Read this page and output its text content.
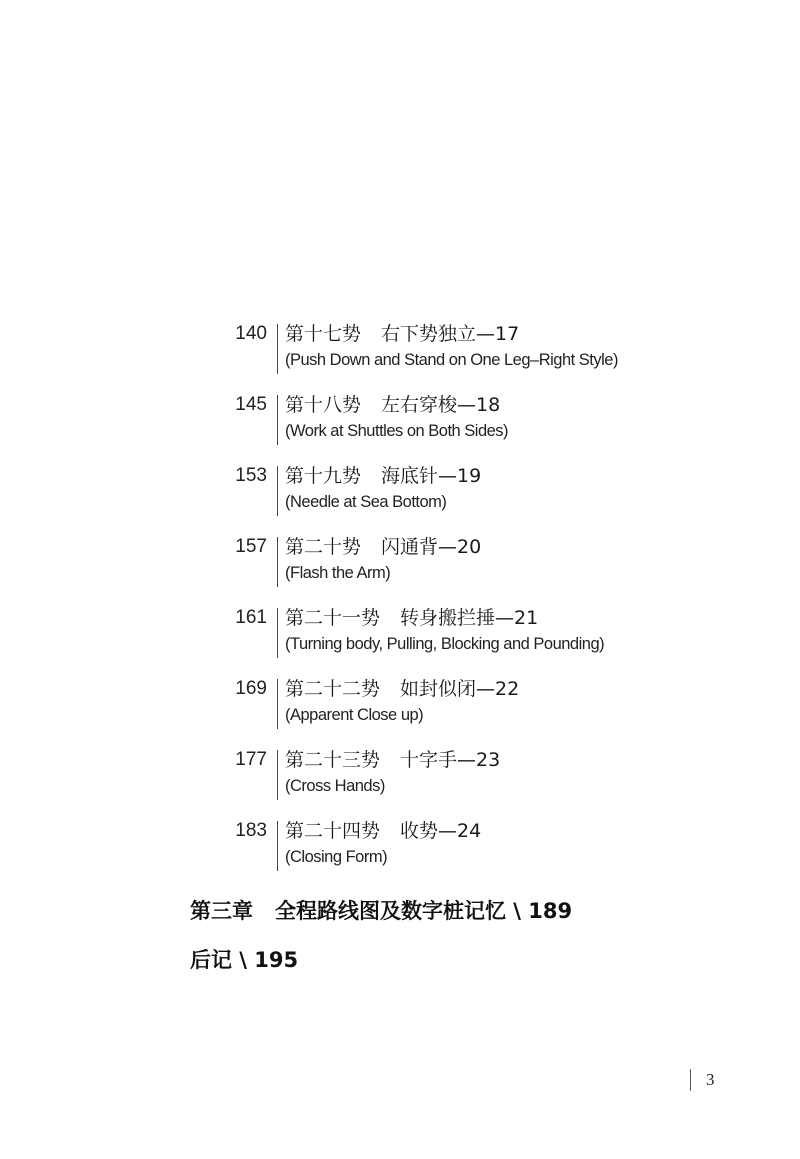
140 第十七势 右下势独立—17
(Push Down and Stand on One Leg–Right Style)
145 第十八势 左右穿梭—18
(Work at Shuttles on Both Sides)
153 第十九势 海底针—19
(Needle at Sea Bottom)
157 第二十势 闪通背—20
(Flash the Arm)
161 第二十一势 转身搬拦捶—21
(Turning body, Pulling, Blocking and Pounding)
169 第二十二势 如封似闭—22
(Apparent Close up)
177 第二十三势 十字手—23
(Cross Hands)
183 第二十四势 收势—24
(Closing Form)
第三章 全程路线图及数字桩记忆 \ 189
后记 \ 195
3
